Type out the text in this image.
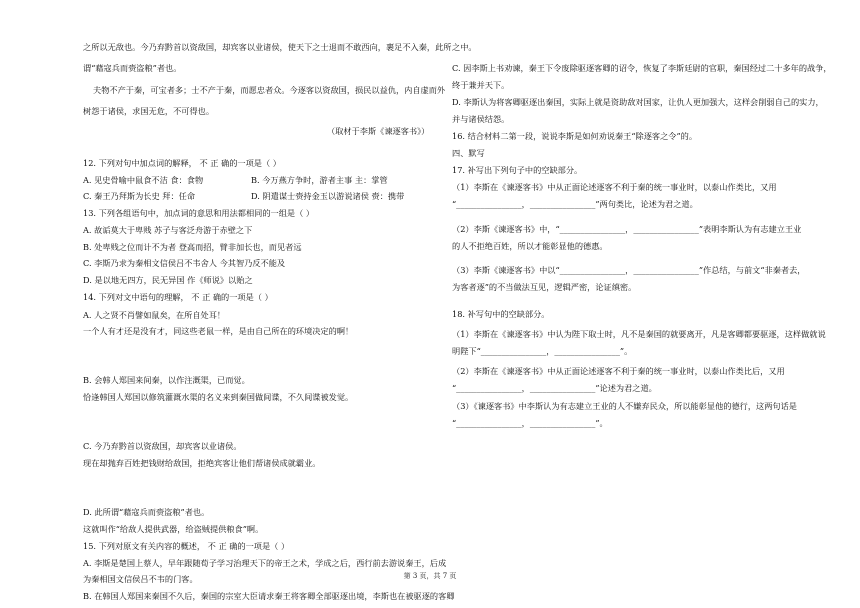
之所以无敌也。今乃弃黔首以资敌国，却宾客以业诸侯，使天下之士退而不敢西向，裹足不入秦，此所
谓“藉寇兵而赍盗粮”者也。
夫物不产于秦，可宝者多；士不产于秦，而愿忠者众。今逐客以资敌国，损民以益仇，内自虚而外
树怨于诸侯，求国无危，不可得也。
（取材于李斯《谏逐客书》）
12. 下列对句中加点词的解释， 不 正 确的一项是（ ）
A. 见史骨喻中鼠食不洁 食：食物	B. 今万燕方争时，游者主事 主：掌管
C. 秦王乃拜斯为长史 拜：任命	D. 阴遣谋士赍持金玉以游说诸侯 赍：携带
13. 下列各组语句中，加点词的意思和用法都相同的一组是（ ）
A. 故诟莫大于卑贱 苏子与客泛舟游于赤壁之下
B. 处卑贱之位而计不为者 登高而招，臂非加长也，而见者远
C. 李斯乃求为秦相文信侯吕不韦舍人 今其智乃反不能及
D. 是以地无四方，民无异国 作《师说》以贻之
14. 下列对文中语句的理解， 不 正 确的一项是（ ）
A. 人之贤不肖譬如鼠矣，在所自处耳！
一个人有才还是没有才，同这些老鼠一样，是由自己所在的环境决定的啊！
B. 会韩人郑国来间秦，以作注溉渠，已而觉。
恰逢韩国人郑国以修筑灌溉水渠的名义来到秦国做间谍，不久间谍被发觉。
C. 今乃弃黔首以资敌国，却宾客以业诸侯。
现在却抛弃百姓把钱财给敌国，拒绝宾客让他们帮诸侯成就霸业。
D. 此所谓“藉寇兵而赍盗粮”者也。
这就叫作“给敌人提供武器，给盗贼提供粮食”啊。
15. 下列对原文有关内容的概述， 不 正 确的一项是（ ）
A. 李斯是楚国上蔡人，早年跟随荀子学习治理天下的帝王之术，学成之后，西行前去游说秦王，后成
为秦相国文信侯吕不韦的门客。
B. 在韩国人郑国来秦国不久后，秦国的宗室大臣请求秦王将客卿全部驱逐出境，李斯也在被驱逐的客卿
之中。
C. 因李斯上书劝谏，秦王下令废除驱逐客卿的诏令，恢复了李斯廷尉的官职，秦国经过二十多年的战争，
终于兼并天下。
D. 李斯认为将客卿驱逐出秦国，实际上就是资助敌对国家，让仇人更加强大，这样会削弱自己的实力，
并与诸侯结怨。
16. 结合材料二第一段，说说李斯是如何劝说秦王“除逐客之令”的。
四、默写
17. 补写出下列句子中的空缺部分。
（1）李斯在《谏逐客书》中从正面论述逐客不利于秦的统一事业时，以泰山作类比，又用
“________________，________________”两句类比，论述为君之道。
（2）李斯《谏逐客书》中，“________________，________________”表明李斯认为有志建立王业
的人不拒绝百姓，所以才能彰显他的德惠。
（3）李斯《谏逐客书》中以“________________，________________”作总结，与前文“非秦者去，
为客者逐”的不当做法互见，逻辑严密，论证缜密。
18. 补写句中的空缺部分。
（1）李斯在《谏逐客书》中认为陛下取士时，凡不是秦国的就要离开，凡是客卿都要驱逐，这样做就说
明陛下“________________，________________”。
（2）李斯在《谏逐客书》中从正面论述逐客不利于秦的统一事业时，以泰山作类比后，又用
“________________，________________”论述为君之道。
（3）《谏逐客书》中李斯认为有志建立王业的人不嫌弃民众，所以能彰显他的德行，这两句话是
“________________，________________”。
第 3 页，共 7 页
